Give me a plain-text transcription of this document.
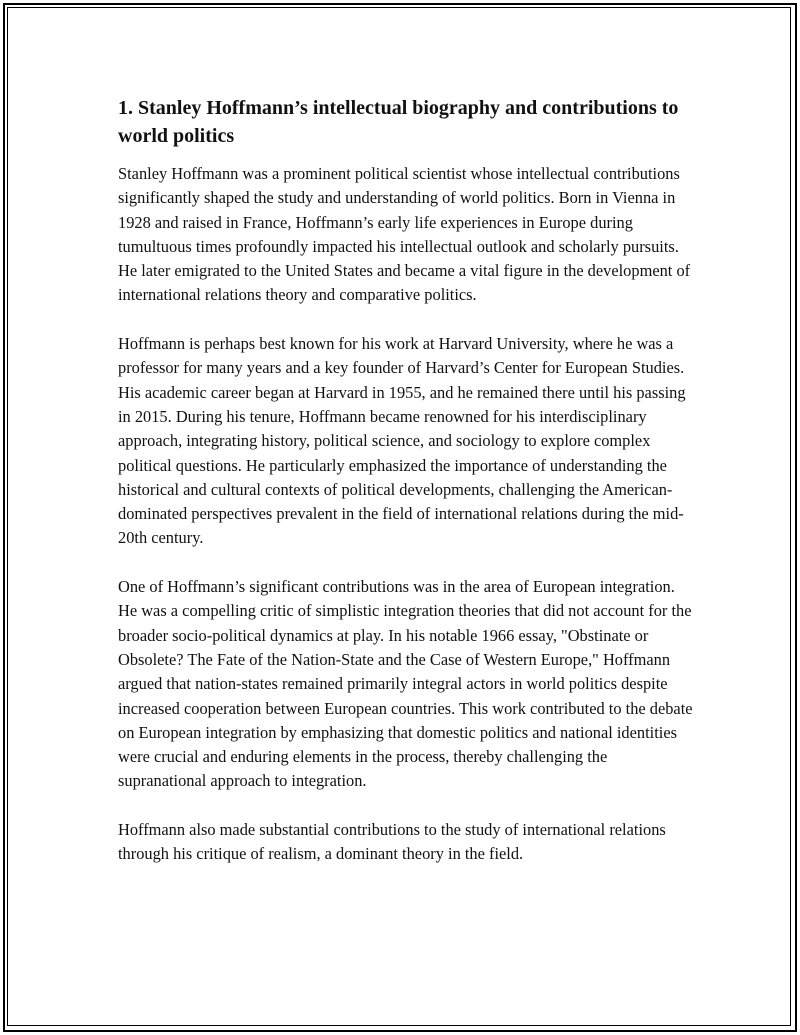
1. Stanley Hoffmann’s intellectual biography and contributions to world politics

Stanley Hoffmann was a prominent political scientist whose intellectual contributions significantly shaped the study and understanding of world politics. Born in Vienna in 1928 and raised in France, Hoffmann’s early life experiences in Europe during tumultuous times profoundly impacted his intellectual outlook and scholarly pursuits. He later emigrated to the United States and became a vital figure in the development of international relations theory and comparative politics.

Hoffmann is perhaps best known for his work at Harvard University, where he was a professor for many years and a key founder of Harvard’s Center for European Studies. His academic career began at Harvard in 1955, and he remained there until his passing in 2015. During his tenure, Hoffmann became renowned for his interdisciplinary approach, integrating history, political science, and sociology to explore complex political questions. He particularly emphasized the importance of understanding the historical and cultural contexts of political developments, challenging the American-dominated perspectives prevalent in the field of international relations during the mid-20th century.

One of Hoffmann’s significant contributions was in the area of European integration. He was a compelling critic of simplistic integration theories that did not account for the broader socio-political dynamics at play. In his notable 1966 essay, "Obstinate or Obsolete? The Fate of the Nation-State and the Case of Western Europe," Hoffmann argued that nation-states remained primarily integral actors in world politics despite increased cooperation between European countries. This work contributed to the debate on European integration by emphasizing that domestic politics and national identities were crucial and enduring elements in the process, thereby challenging the supranational approach to integration.

Hoffmann also made substantial contributions to the study of international relations through his critique of realism, a dominant theory in the field.
